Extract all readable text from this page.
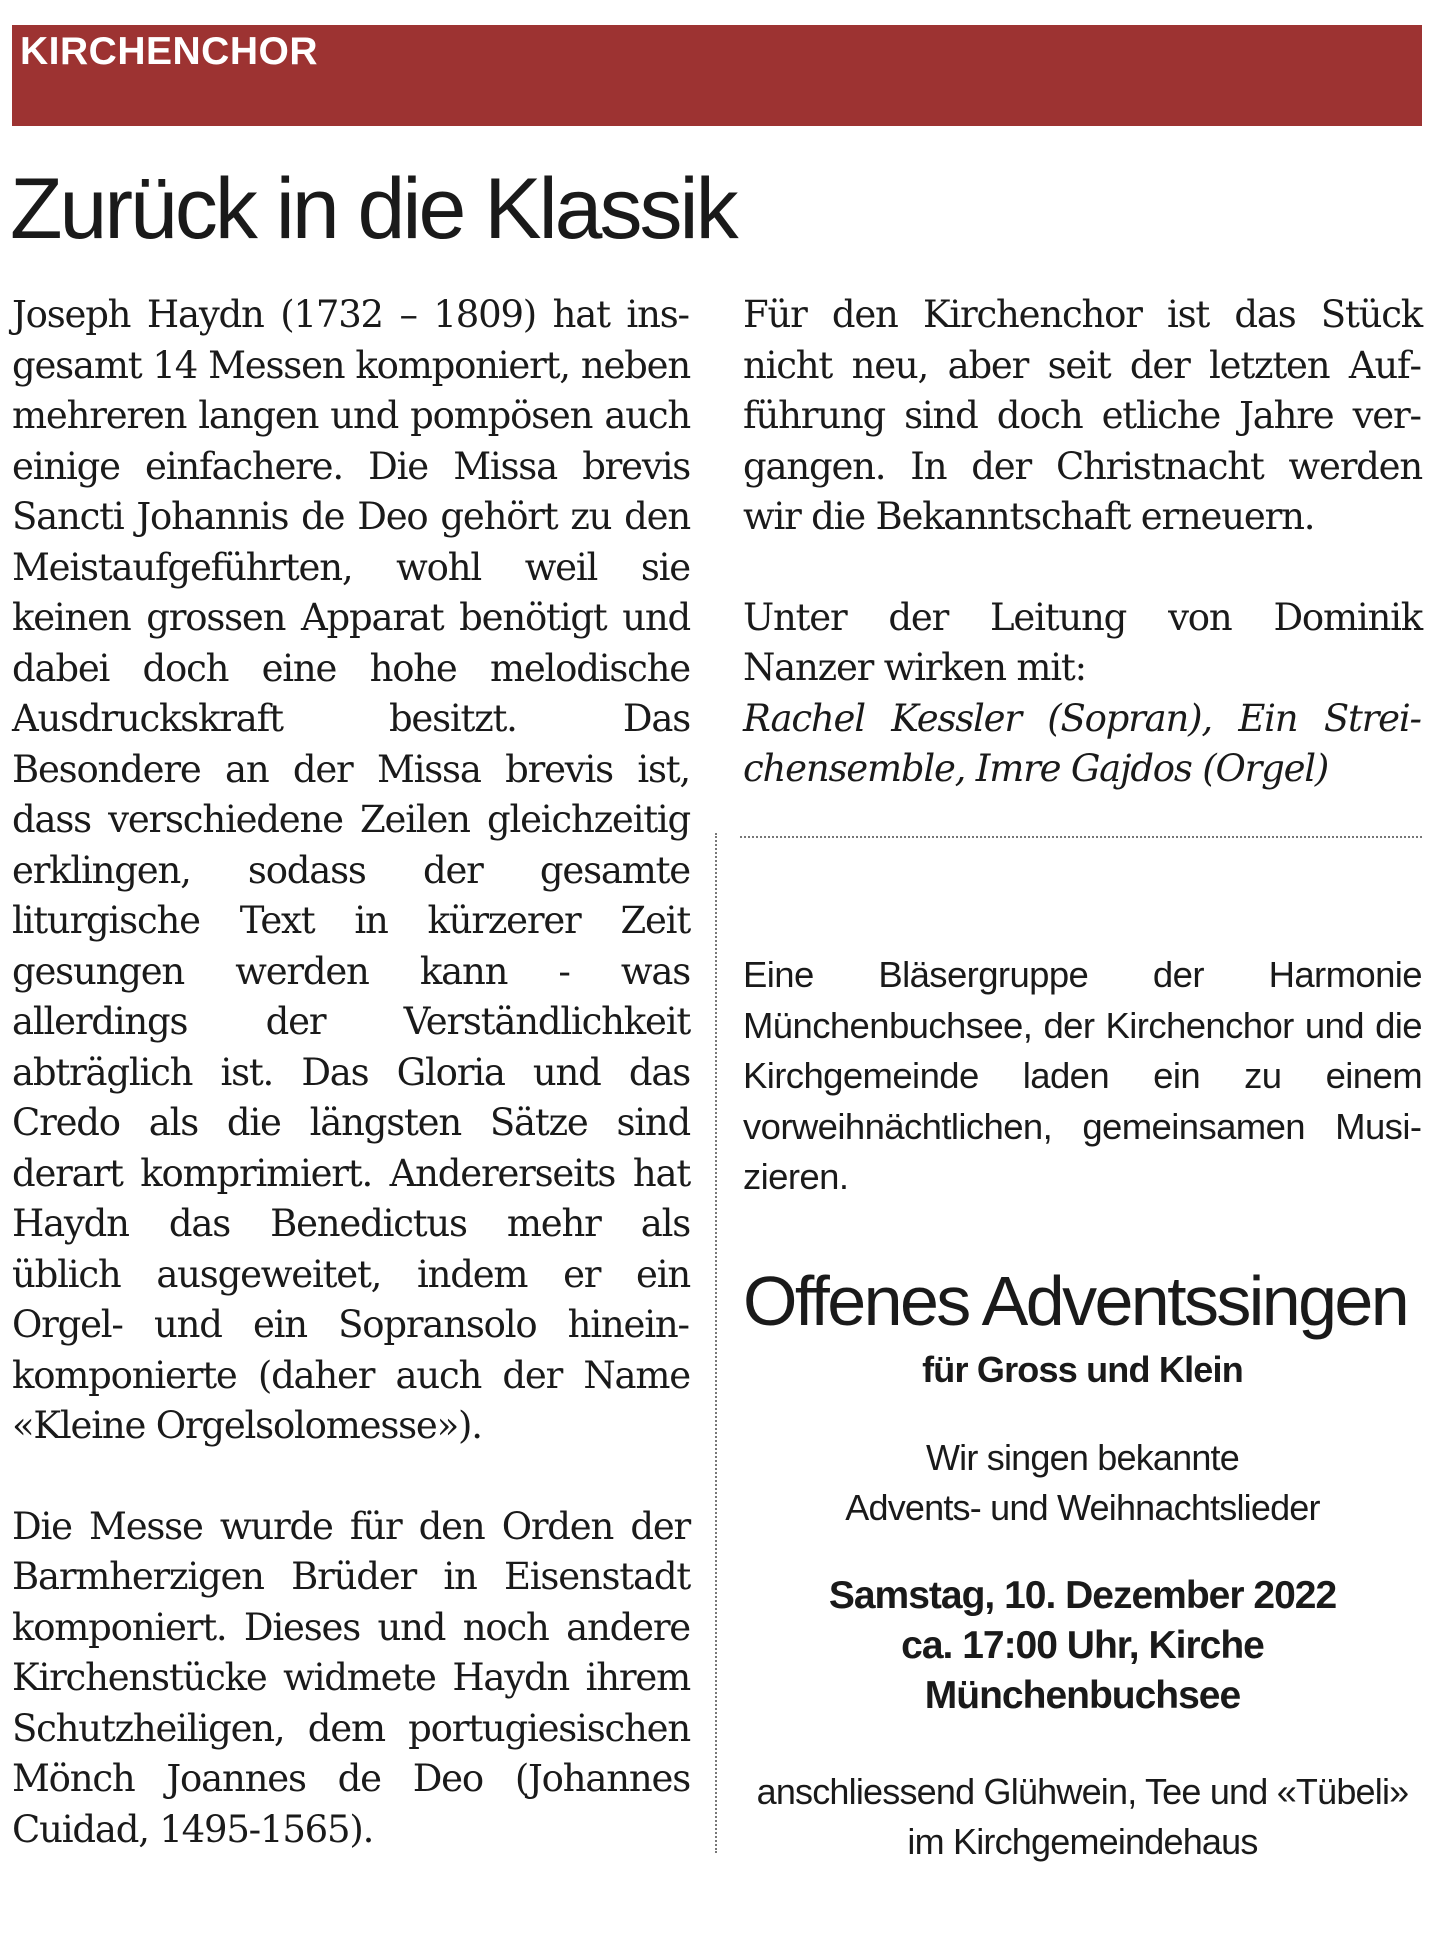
KIRCHENCHOR
Zurück in die Klassik

Joseph Haydn (1732 – 1809) hat insgesamt 14 Messen komponiert, neben mehreren langen und pompösen auch einige einfachere. Die Missa brevis Sancti Johannis de Deo gehört zu den Meistaufgeführten, wohl weil sie keinen grossen Apparat benötigt und dabei doch eine hohe melodische Ausdruckskraft besitzt. Das Besondere an der Missa brevis ist, dass verschiedene Zeilen gleichzeitig erklingen, sodass der gesamte liturgische Text in kürzerer Zeit gesungen werden kann - was allerdings der Verständlichkeit abträglich ist. Das Gloria und das Credo als die längsten Sätze sind derart komprimiert. Andererseits hat Haydn das Benedictus mehr als üblich ausgeweitet, indem er ein Orgel- und ein Sopransolo hineinkomponierte (daher auch der Name «Kleine Orgelsolomesse»).

Die Messe wurde für den Orden der Barmherzigen Brüder in Eisenstadt komponiert. Dieses und noch andere Kirchenstücke widmete Haydn ihrem Schutzheiligen, dem portugiesischen Mönch Joannes de Deo (Johannes Cuidad, 1495-1565).

Für den Kirchenchor ist das Stück nicht neu, aber seit der letzten Aufführung sind doch etliche Jahre vergangen. In der Christnacht werden wir die Bekanntschaft erneuern.

Unter der Leitung von Dominik Nanzer wirken mit:

Rachel Kessler (Sopran), Ein Streichensemble, Imre Gajdos (Orgel)

Eine Bläsergruppe der Harmonie Münchenbuchsee, der Kirchenchor und die Kirchgemeinde laden ein zu einem vorweihnächtlichen, gemeinsamen Musizieren.

Offenes Adventssingen
für Gross und Klein
Wir singen bekannte
Advents- und Weihnachtslieder
Samstag, 10. Dezember 2022
ca. 17:00 Uhr, Kirche Münchenbuchsee
anschliessend Glühwein, Tee und «Tübeli»
im Kirchgemeindehaus
